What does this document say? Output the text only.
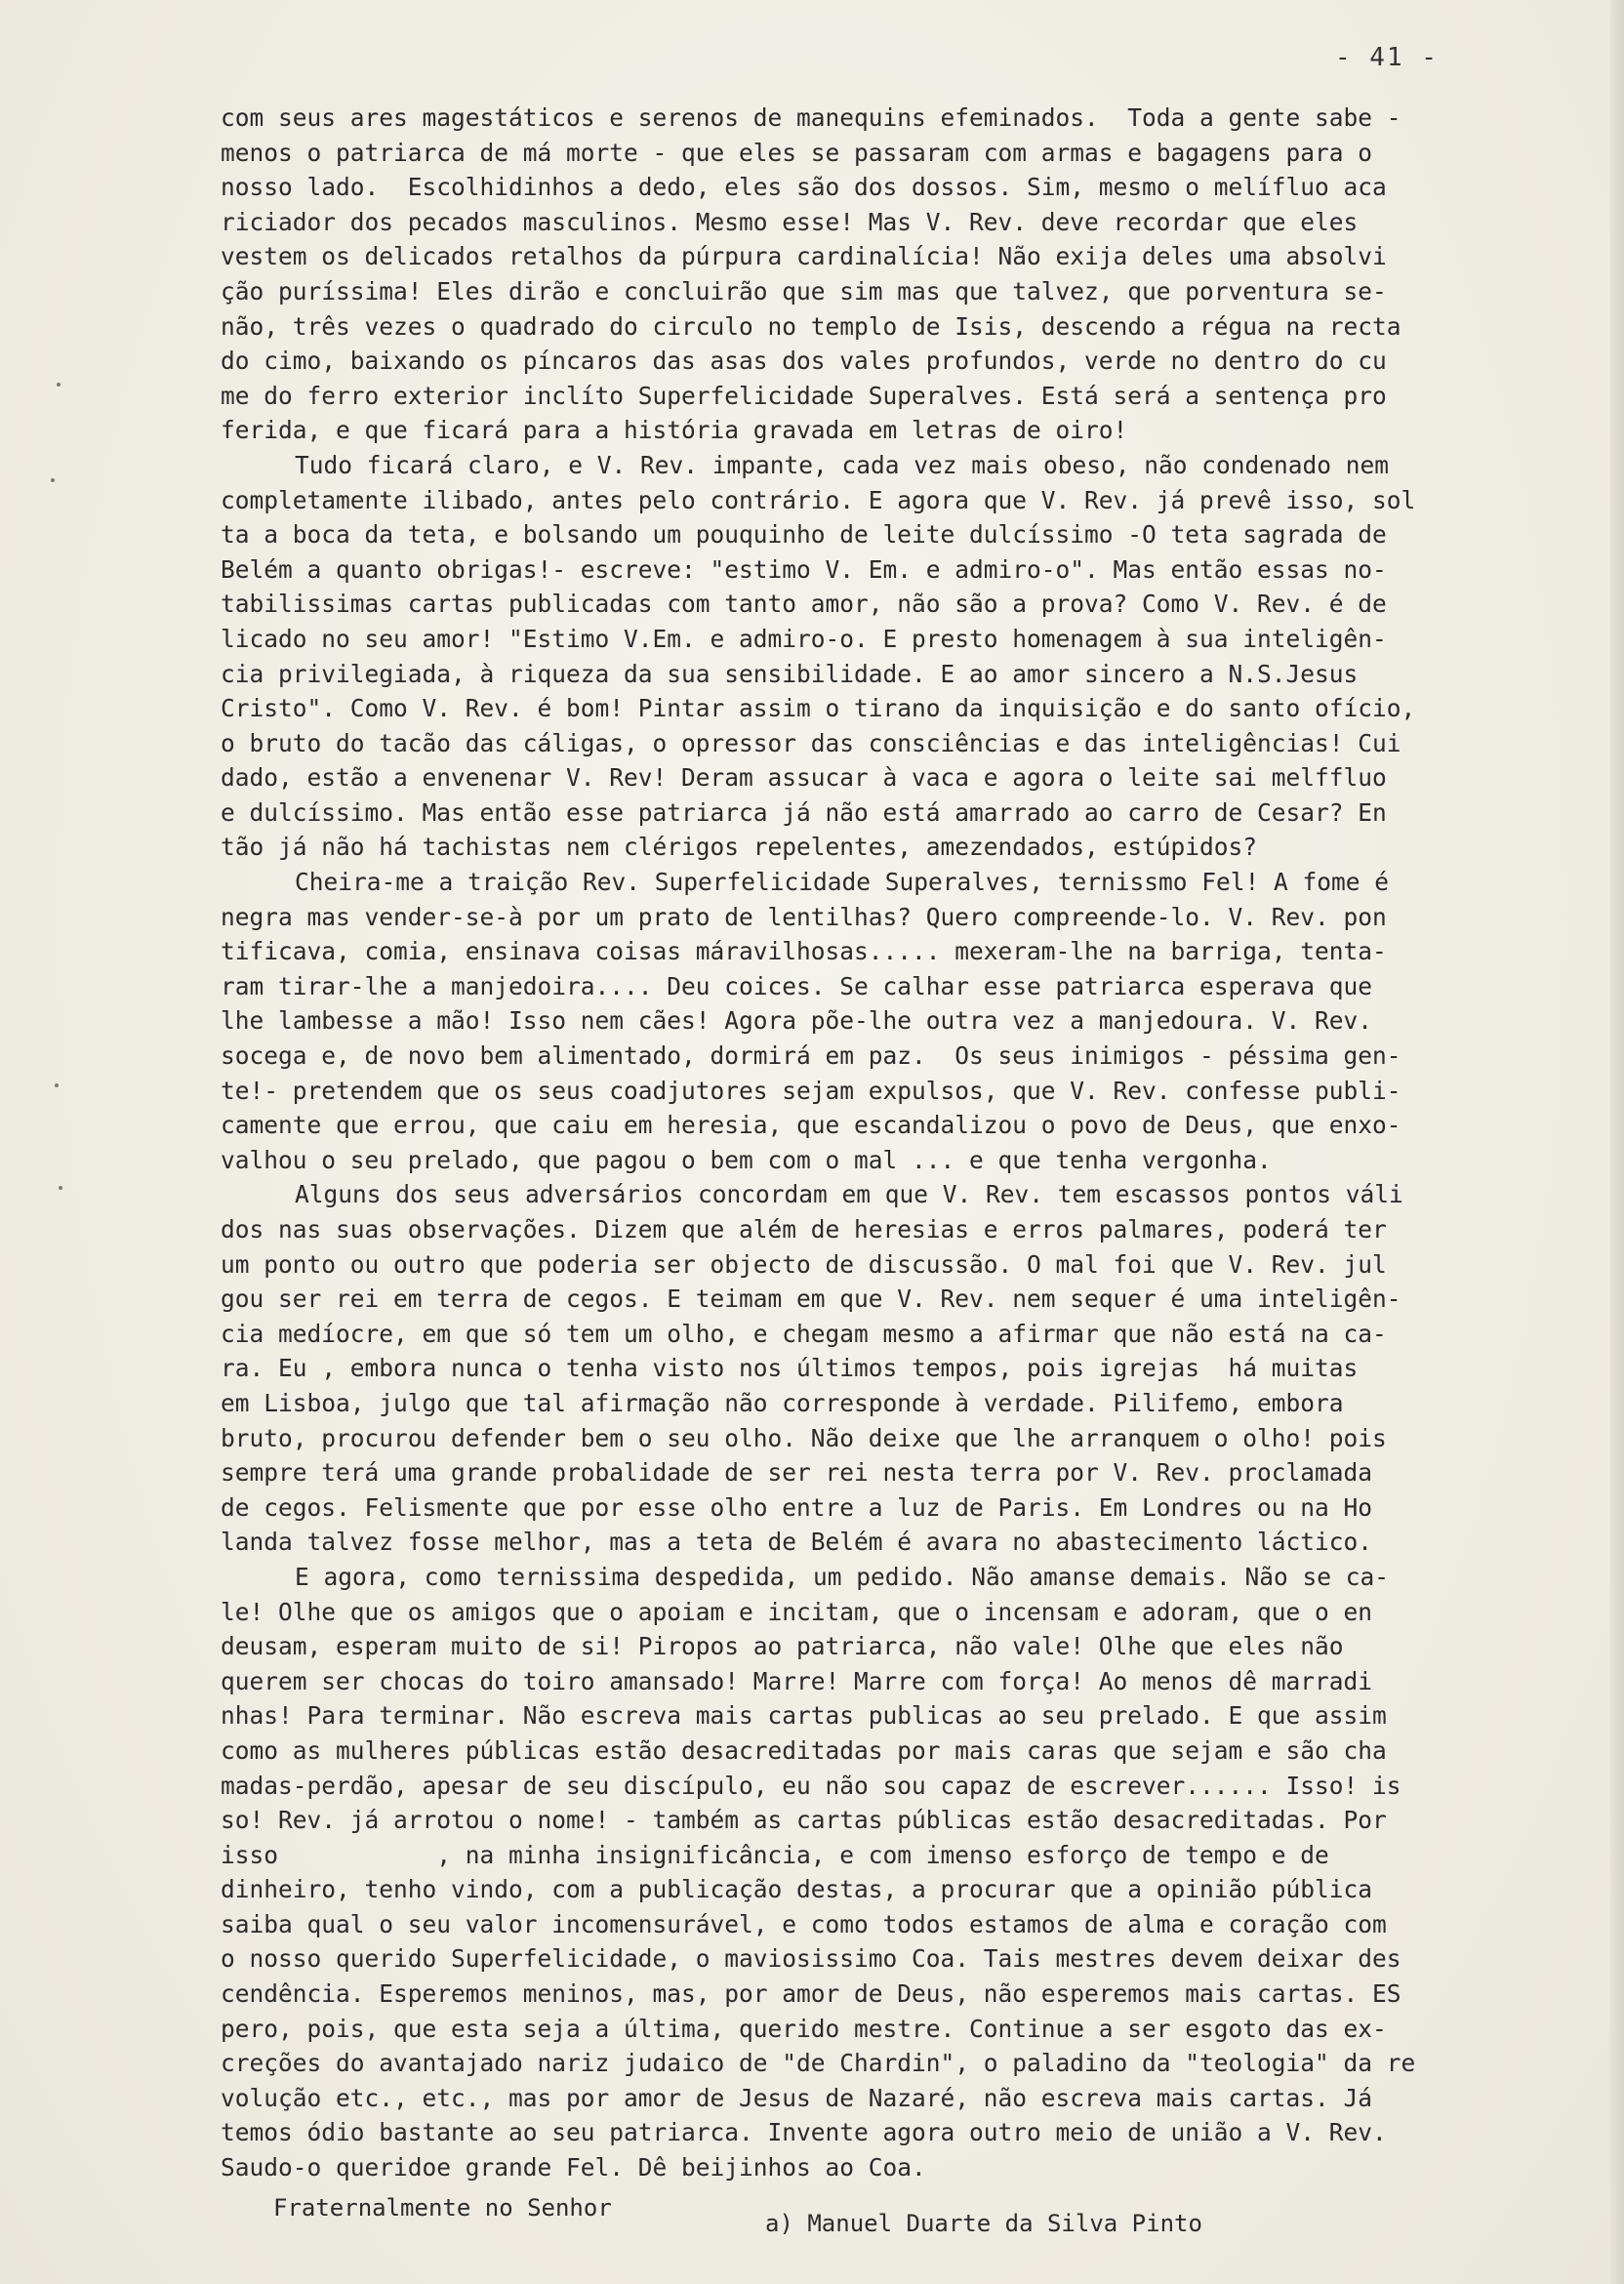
- 41 -
com seus ares magestáticos e serenos de manequins efeminados.  Toda a gente sabe -
menos o patriarca de má morte - que eles se passaram com armas e bagagens para o
nosso lado.  Escolhidinhos a dedo, eles são dos dossos. Sim, mesmo o melífluo aca
riciador dos pecados masculinos. Mesmo esse! Mas V. Rev. deve recordar que eles
vestem os delicados retalhos da púrpura cardinalícia! Não exija deles uma absolvi
ção puríssima! Eles dirão e concluirão que sim mas que talvez, que porventura se-
não, três vezes o quadrado do circulo no templo de Isis, descendo a régua na recta
do cimo, baixando os píncaros das asas dos vales profundos, verde no dentro do cu
me do ferro exterior inclíto Superfelicidade Superalves. Está será a sentença pro
ferida, e que ficará para a história gravada em letras de oiro!
Tudo ficará claro, e V. Rev. impante, cada vez mais obeso, não condenado nem
completamente ilibado, antes pelo contrário. E agora que V. Rev. já prevê isso, sol
ta a boca da teta, e bolsando um pouquinho de leite dulcíssimo -O teta sagrada de
Belém a quanto obrigas!- escreve: "estimo V. Em. e admiro-o". Mas então essas no-
tabilissimas cartas publicadas com tanto amor, não são a prova? Como V. Rev. é de
licado no seu amor! "Estimo V.Em. e admiro-o. E presto homenagem à sua inteligên-
cia privilegiada, à riqueza da sua sensibilidade. E ao amor sincero a N.S.Jesus
Cristo". Como V. Rev. é bom! Pintar assim o tirano da inquisição e do santo ofício,
o bruto do tacão das cáligas, o opressor das consciências e das inteligências! Cui
dado, estão a envenenar V. Rev! Deram assucar à vaca e agora o leite sai melffluo
e dulcíssimo. Mas então esse patriarca já não está amarrado ao carro de Cesar? En
tão já não há tachistas nem clérigos repelentes, amezendados, estúpidos?
Cheira-me a traição Rev. Superfelicidade Superalves, ternissmo Fel! A fome é
negra mas vender-se-à por um prato de lentilhas? Quero compreende-lo. V. Rev. pon
tificava, comia, ensinava coisas máravilhosas..... mexeram-lhe na barriga, tenta-
ram tirar-lhe a manjedoira.... Deu coices. Se calhar esse patriarca esperava que
lhe lambesse a mão! Isso nem cães! Agora põe-lhe outra vez a manjedoura. V. Rev.
socega e, de novo bem alimentado, dormirá em paz.  Os seus inimigos - péssima gen-
te!- pretendem que os seus coadjutores sejam expulsos, que V. Rev. confesse publi-
camente que errou, que caiu em heresia, que escandalizou o povo de Deus, que enxo-
valhou o seu prelado, que pagou o bem com o mal ... e que tenha vergonha.
Alguns dos seus adversários concordam em que V. Rev. tem escassos pontos váli
dos nas suas observações. Dizem que além de heresias e erros palmares, poderá ter
um ponto ou outro que poderia ser objecto de discussão. O mal foi que V. Rev. jul
gou ser rei em terra de cegos. E teimam em que V. Rev. nem sequer é uma inteligên-
cia medíocre, em que só tem um olho, e chegam mesmo a afirmar que não está na ca-
ra. Eu , embora nunca o tenha visto nos últimos tempos, pois igrejas  há muitas
em Lisboa, julgo que tal afirmação não corresponde à verdade. Pilifemo, embora
bruto, procurou defender bem o seu olho. Não deixe que lhe arranquem o olho! pois
sempre terá uma grande probalidade de ser rei nesta terra por V. Rev. proclamada
de cegos. Felismente que por esse olho entre a luz de Paris. Em Londres ou na Ho
landa talvez fosse melhor, mas a teta de Belém é avara no abastecimento láctico.
E agora, como ternissima despedida, um pedido. Não amanse demais. Não se ca-
le! Olhe que os amigos que o apoiam e incitam, que o incensam e adoram, que o en
deusam, esperam muito de si! Piropos ao patriarca, não vale! Olhe que eles não
querem ser chocas do toiro amansado! Marre! Marre com força! Ao menos dê marradi
nhas! Para terminar. Não escreva mais cartas publicas ao seu prelado. E que assim
como as mulheres públicas estão desacreditadas por mais caras que sejam e são cha
madas-perdão, apesar de seu discípulo, eu não sou capaz de escrever...... Isso! is
so! Rev. já arrotou o nome! - também as cartas públicas estão desacreditadas. Por
isso           , na minha insignificância, e com imenso esforço de tempo e de
dinheiro, tenho vindo, com a publicação destas, a procurar que a opinião pública
saiba qual o seu valor incomensurável, e como todos estamos de alma e coração com
o nosso querido Superfelicidade, o maviosissimo Coa. Tais mestres devem deixar des
cendência. Esperemos meninos, mas, por amor de Deus, não esperemos mais cartas. ES
pero, pois, que esta seja a última, querido mestre. Continue a ser esgoto das ex-
creções do avantajado nariz judaico de "de Chardin", o paladino da "teologia" da re
volução etc., etc., mas por amor de Jesus de Nazaré, não escreva mais cartas. Já
temos ódio bastante ao seu patriarca. Invente agora outro meio de união a V. Rev.
Saudo-o queridoe grande Fel. Dê beijinhos ao Coa.
Fraternalmente no Senhor
a) Manuel Duarte da Silva Pinto
